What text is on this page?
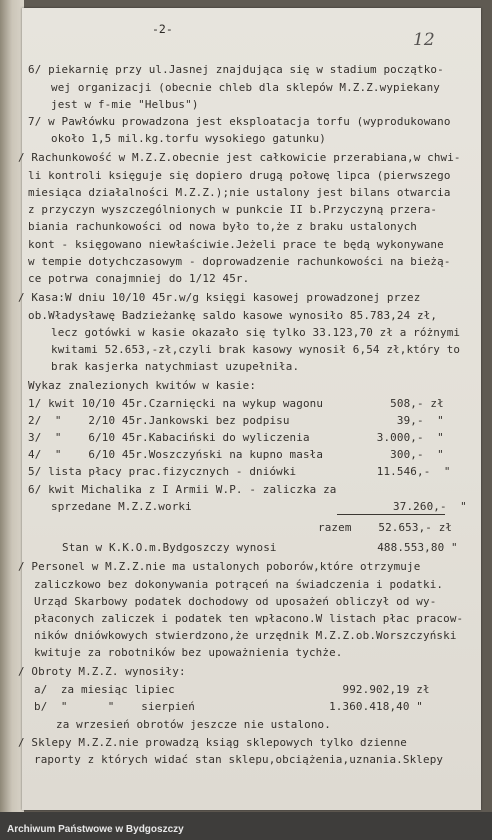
-2-
12
6/ piekarnię przy ul.Jasnej znajdująca się w stadium początko-
wej organizacji (obecnie chleb dla sklepów M.Z.Z.wypiekany
jest w f-mie "Helbus")
7/ w Pawłówku prowadzona jest eksploatacja torfu (wyprodukowano
około 1,5 mil.kg.torfu wysokiego gatunku)
/ Rachunkowość w M.Z.Z.obecnie jest całkowicie przerabiana,w chwi-
li kontroli księguje się dopiero drugą połowę lipca (pierwszego
miesiąca działalności M.Z.Z.);nie ustalony jest bilans otwarcia
z przyczyn wyszczególnionych w punkcie II b.Przyczyną przera-
biania rachunkowości od nowa było to,że z braku ustalonych
kont - księgowano niewłaściwie.Jeżeli prace te będą wykonywane
w tempie dotychczasowym - doprowadzenie rachunkowości na bieżą-
ce potrwa conajmniej do 1/12 45r.
/ Kasa:W dniu 10/10 45r.w/g księgi kasowej prowadzonej przez
ob.Władysławę Badzieżankę saldo kasowe wynosiło 85.783,24 zł,
lecz gotówki w kasie okazało się tylko 33.123,70 zł a różnymi
kwitami 52.653,-zł,czyli brak kasowy wynosił 6,54 zł,który to
brak kasjerka natychmiast uzupełniła.
Wykaz znalezionych kwitów w kasie:
1/ kwit 10/10 45r.Czarnięcki na wykup wagonu          508,- zł
2/  "    2/10 45r.Jankowski bez podpisu                39,-  "
3/  "    6/10 45r.Kabaciński do wyliczenia          3.000,-  "
4/  "    6/10 45r.Woszczyński na kupno masła          300,-  "
5/ lista płacy prac.fizycznych - dniówki            11.546,-  "
6/ kwit Michalika z I Armii W.P. - zaliczka za
sprzedane M.Z.Z.worki                              37.260,-  "
razem    52.653,- zł
Stan w K.K.O.m.Bydgoszczy wynosi               488.553,80 "
/ Personel w M.Z.Z.nie ma ustalonych poborów,które otrzymuje
zaliczkowo bez dokonywania potrąceń na świadczenia i podatki.
Urząd Skarbowy podatek dochodowy od uposażeń obliczył od wy-
płaconych zaliczek i podatek ten wpłacono.W listach płac pracow-
ników dniówkowych stwierdzono,że urzędnik M.Z.Z.ob.Worszczyński
kwituje za robotników bez upoważnienia tychże.
/ Obroty M.Z.Z. wynosiły:
a/  za miesiąc lipiec                         992.902,19 zł
b/  "      "    sierpień                    1.360.418,40 "
za wrzesień obrotów jeszcze nie ustalono.
/ Sklepy M.Z.Z.nie prowadzą ksiąg sklepowych tylko dzienne
raporty z których widać stan sklepu,obciążenia,uznania.Sklepy
Archiwum Państwowe w Bydgoszczy
